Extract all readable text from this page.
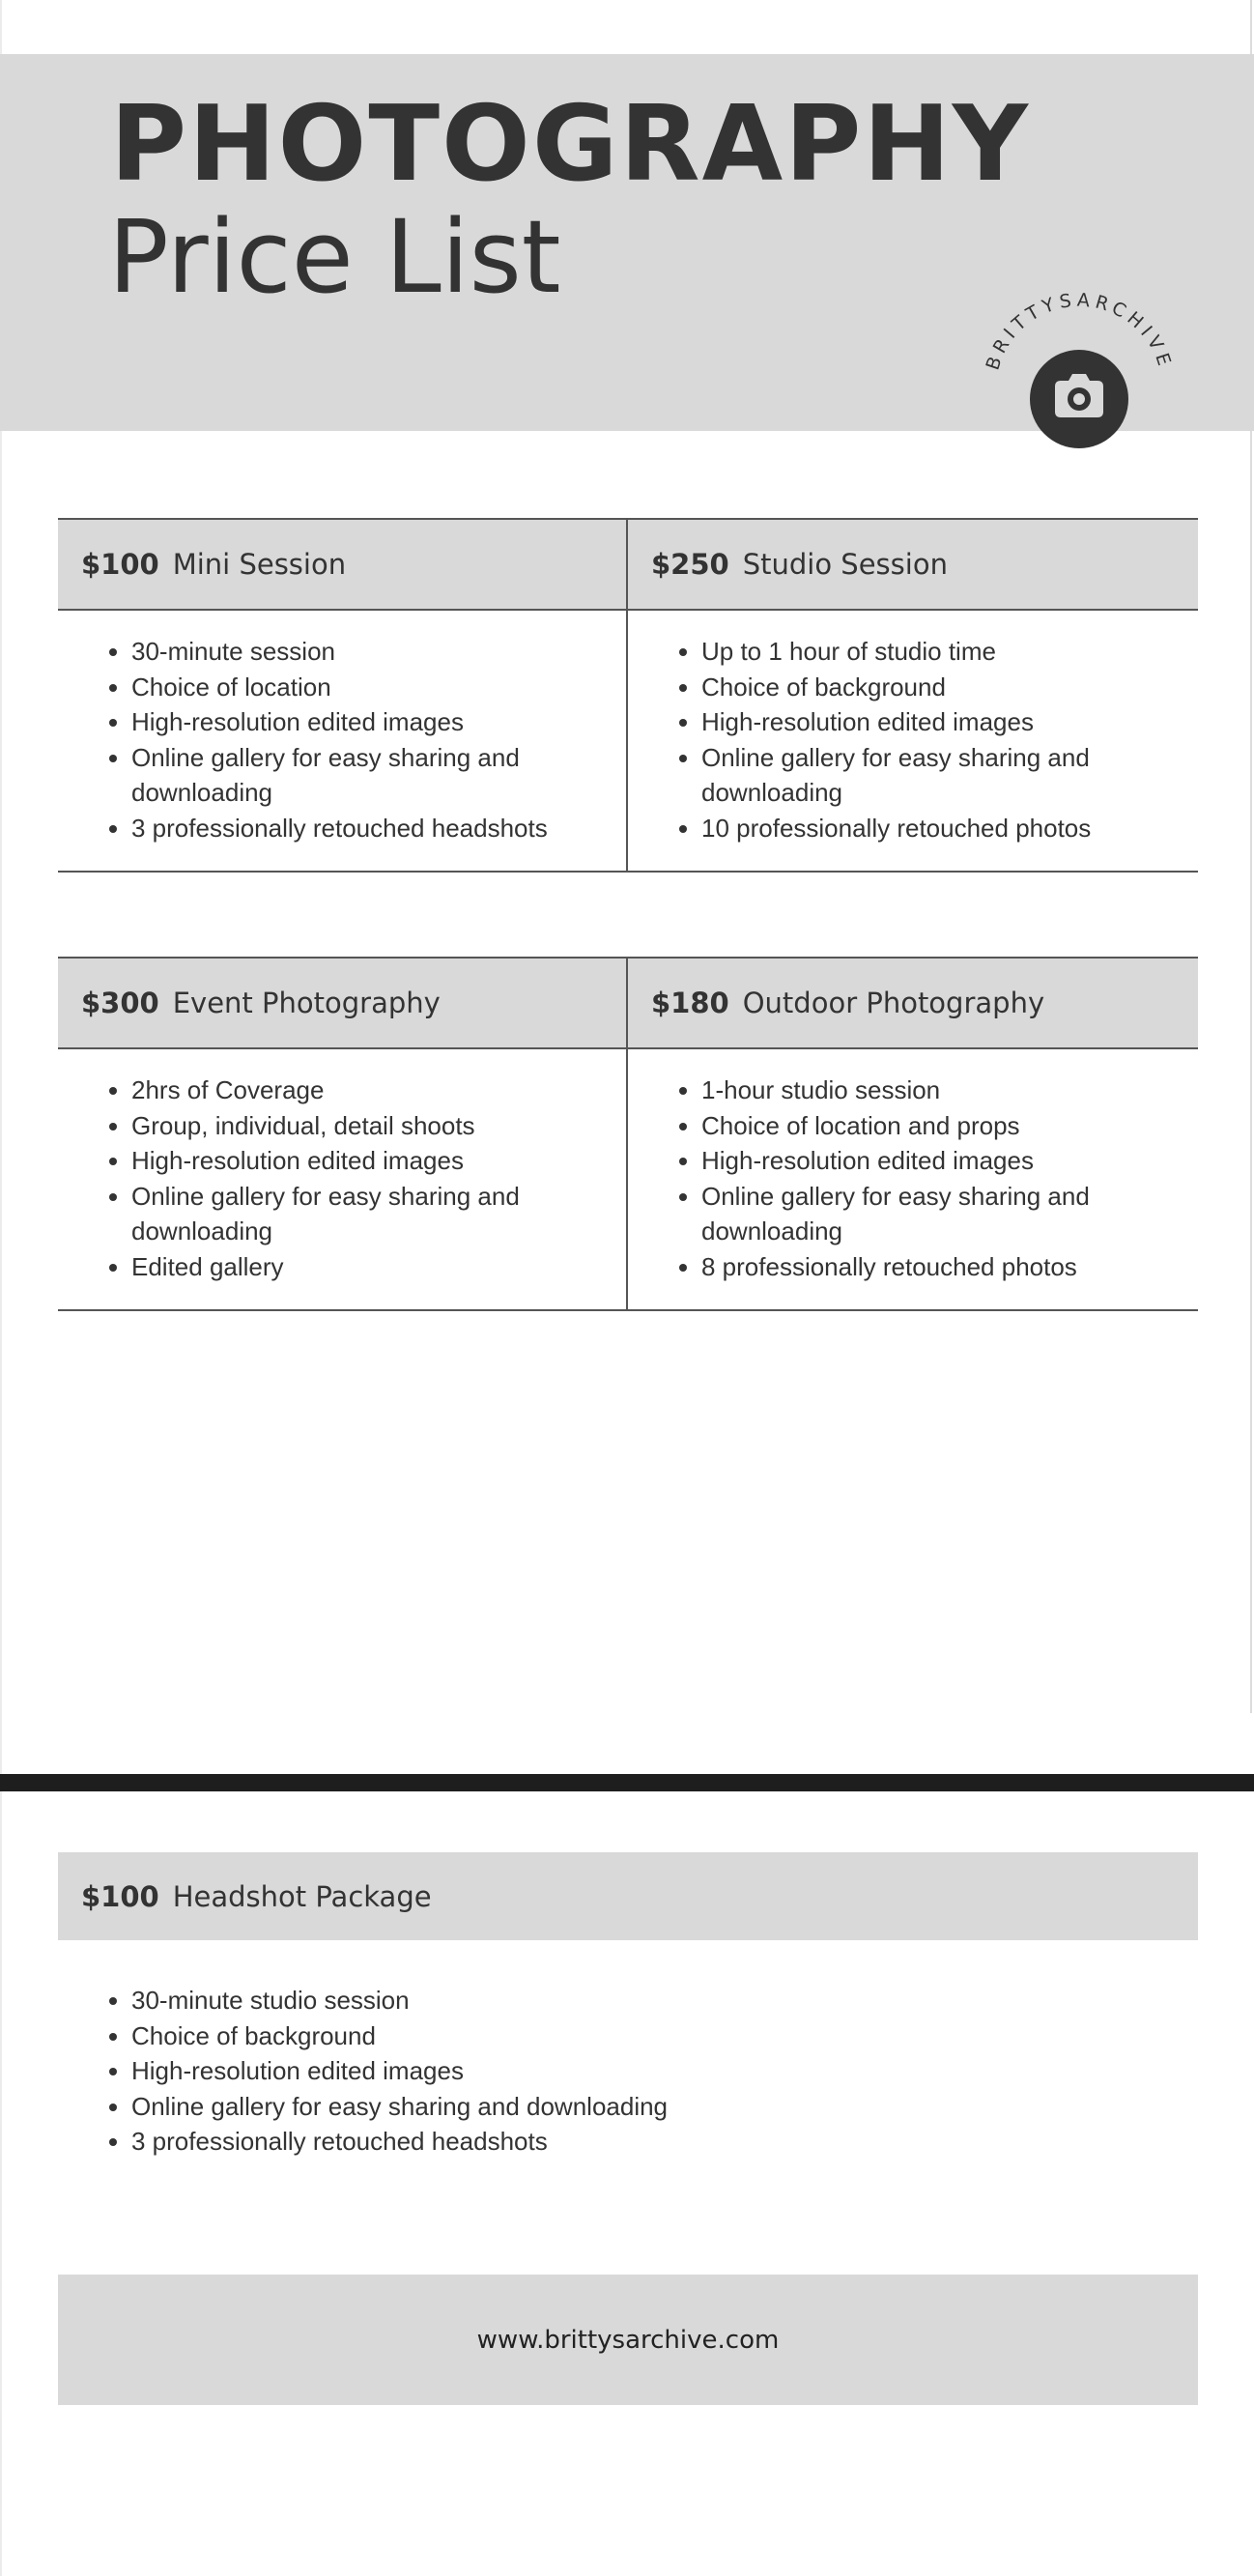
PHOTOGRAPHY
Price List
BRITTYSARCHIVE
$100 Mini Session
• 30-minute session
• Choice of location
• High-resolution edited images
• Online gallery for easy sharing and downloading
• 3 professionally retouched headshots
$250 Studio Session
• Up to 1 hour of studio time
• Choice of background
• High-resolution edited images
• Online gallery for easy sharing and downloading
• 10 professionally retouched photos
$300 Event Photography
• 2hrs of Coverage
• Group, individual, detail shoots
• High-resolution edited images
• Online gallery for easy sharing and downloading
• Edited gallery
$180 Outdoor Photography
• 1-hour studio session
• Choice of location and props
• High-resolution edited images
• Online gallery for easy sharing and downloading
• 8 professionally retouched photos
$100 Headshot Package
• 30-minute studio session
• Choice of background
• High-resolution edited images
• Online gallery for easy sharing and downloading
• 3 professionally retouched headshots
www.brittysarchive.com
